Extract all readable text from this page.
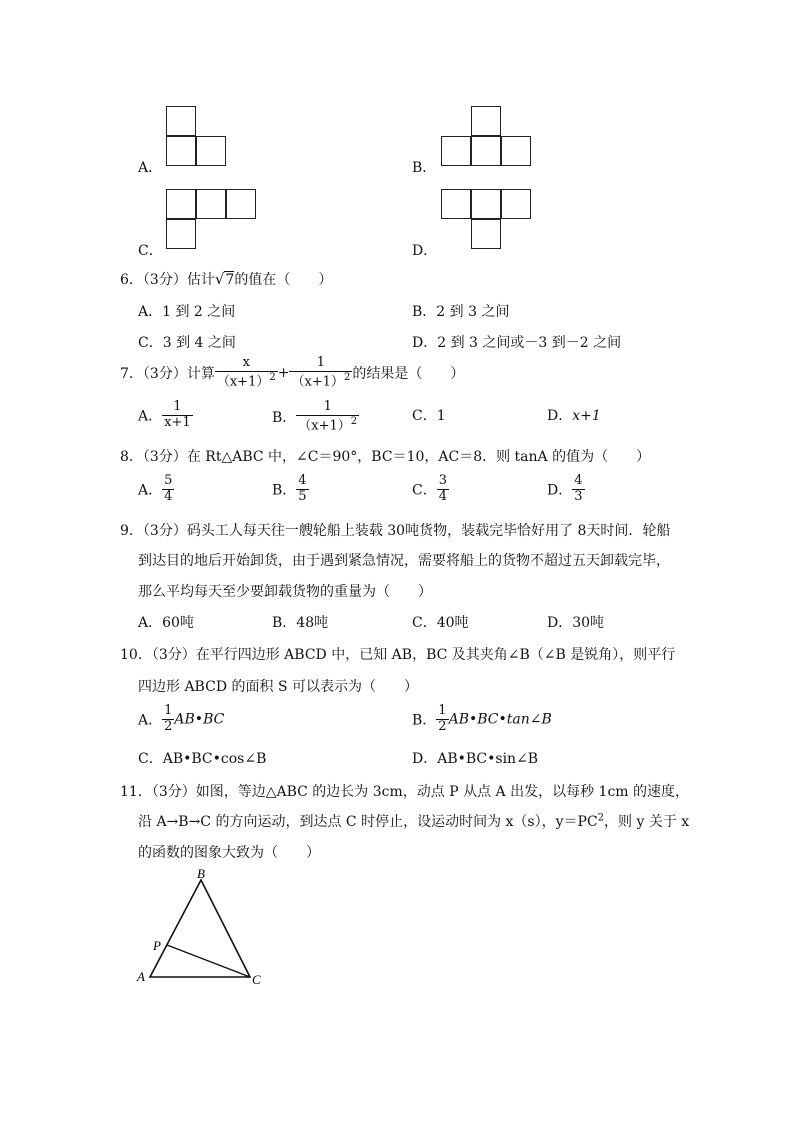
A．	B．
C．	D．
6．（3分）估计√7的值在（　　）
A．1 到 2 之间	B．2 到 3 之间
C．3 到 4 之间	D．2 到 3 之间或－3 到－2 之间
7．（3分）计算 $\frac{x}{(x+1)^2} + \frac{1}{(x+1)^2}$ 的结果是（　　）
A． $\frac{1}{x+1}$	B． $\frac{1}{(x+1)^2}$	C．1	D．x+1
8．（3分）在 Rt△ABC 中，∠C＝90°，BC＝10，AC＝8．则 tanA 的值为（　　）
A． $\frac{5}{4}$	B． $\frac{4}{5}$	C． $\frac{3}{4}$	D． $\frac{4}{3}$
9．（3分）码头工人每天往一艘轮船上装载 30吨货物，装载完毕恰好用了 8天时间．轮船
到达目的地后开始卸货，由于遇到紧急情况，需要将船上的货物不超过五天卸载完毕，
那么平均每天至少要卸载货物的重量为（　　）
A．60吨	B．48吨	C．40吨	D．30吨
10．（3分）在平行四边形 ABCD 中，已知 AB，BC 及其夹角∠B（∠B 是锐角），则平行
四边形 ABCD 的面积 S 可以表示为（　　）
A． $\frac{1}{2}$ AB•BC	B． $\frac{1}{2}$ AB•BC•tan∠B
C．AB•BC•cos∠B	D．AB•BC•sin∠B
11．（3分）如图，等边△ABC 的边长为 3cm，动点 P 从点 A 出发，以每秒 1cm 的速度，
沿 A→B→C 的方向运动，到达点 C 时停止，设运动时间为 x（s），$y=PC^2$，则 y 关于 x
的函数的图象大致为（　　）
B
P
A	C
